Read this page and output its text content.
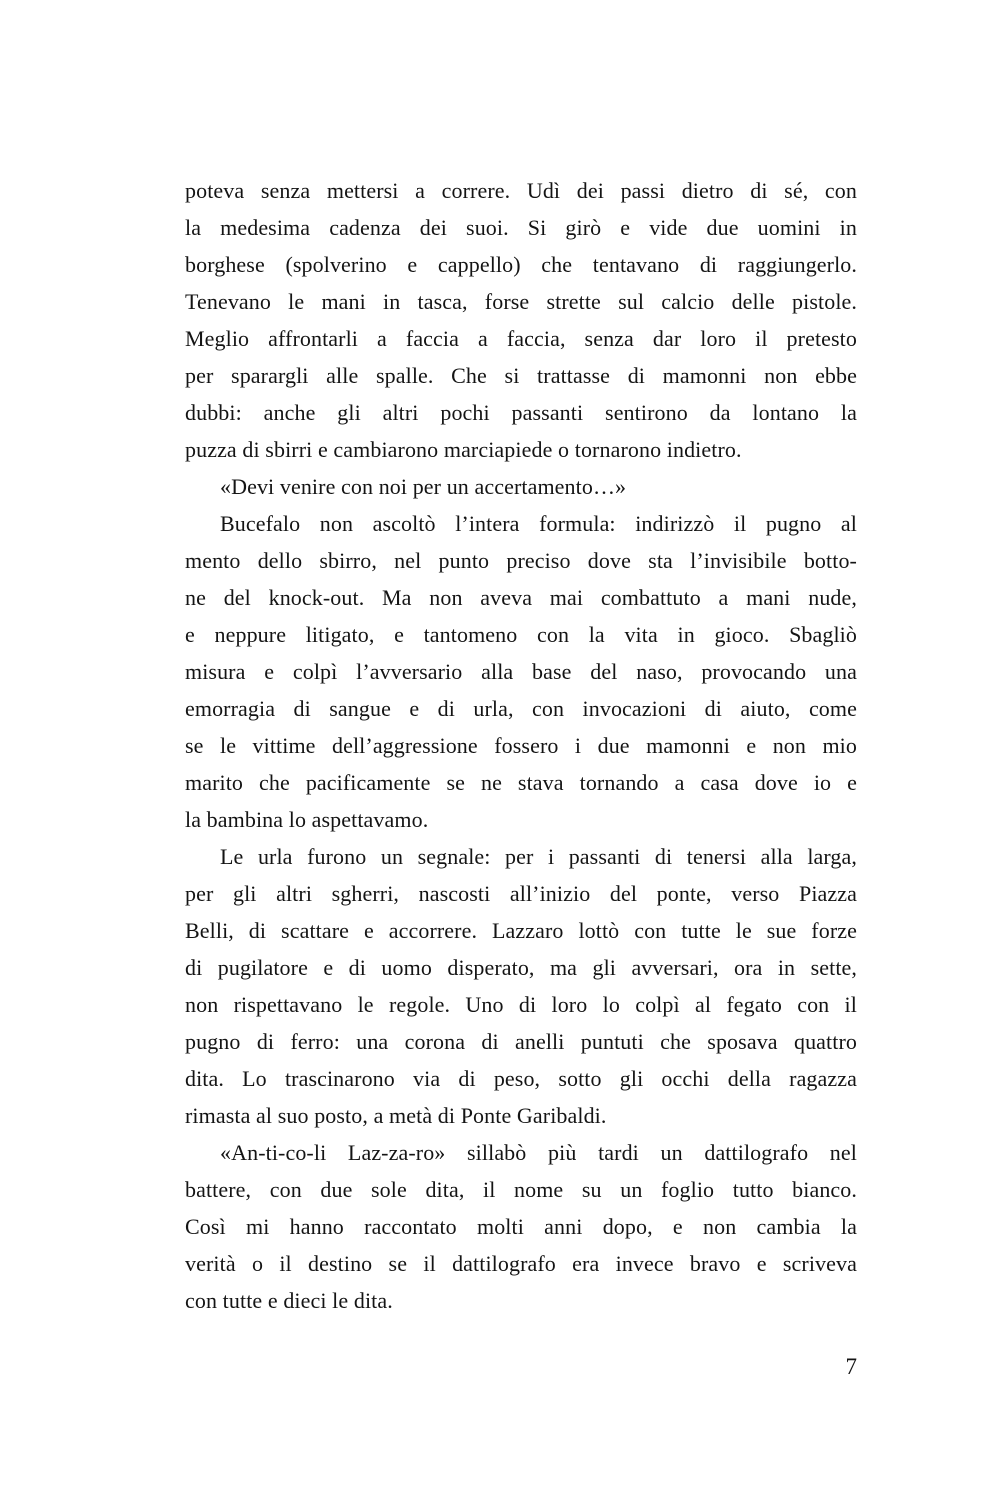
poteva senza mettersi a correre. Udì dei passi dietro di sé, con
la medesima cadenza dei suoi. Si girò e vide due uomini in
borghese (spolverino e cappello) che tentavano di raggiungerlo.
Tenevano le mani in tasca, forse strette sul calcio delle pistole.
Meglio affrontarli a faccia a faccia, senza dar loro il pretesto
per sparargli alle spalle. Che si trattasse di mamonni non ebbe
dubbi: anche gli altri pochi passanti sentirono da lontano la
puzza di sbirri e cambiarono marciapiede o tornarono indietro.
«Devi venire con noi per un accertamento…»
Bucefalo non ascoltò l’intera formula: indirizzò il pugno al
mento dello sbirro, nel punto preciso dove sta l’invisibile botto-
ne del knock-out. Ma non aveva mai combattuto a mani nude,
e neppure litigato, e tantomeno con la vita in gioco. Sbagliò
misura e colpì l’avversario alla base del naso, provocando una
emorragia di sangue e di urla, con invocazioni di aiuto, come
se le vittime dell’aggressione fossero i due mamonni e non mio
marito che pacificamente se ne stava tornando a casa dove io e
la bambina lo aspettavamo.
Le urla furono un segnale: per i passanti di tenersi alla larga,
per gli altri sgherri, nascosti all’inizio del ponte, verso Piazza
Belli, di scattare e accorrere. Lazzaro lottò con tutte le sue forze
di pugilatore e di uomo disperato, ma gli avversari, ora in sette,
non rispettavano le regole. Uno di loro lo colpì al fegato con il
pugno di ferro: una corona di anelli puntuti che sposava quattro
dita. Lo trascinarono via di peso, sotto gli occhi della ragazza
rimasta al suo posto, a metà di Ponte Garibaldi.
«An-ti-co-li Laz-za-ro» sillabò più tardi un dattilografo nel
battere, con due sole dita, il nome su un foglio tutto bianco.
Così mi hanno raccontato molti anni dopo, e non cambia la
verità o il destino se il dattilografo era invece bravo e scriveva
con tutte e dieci le dita.
7
